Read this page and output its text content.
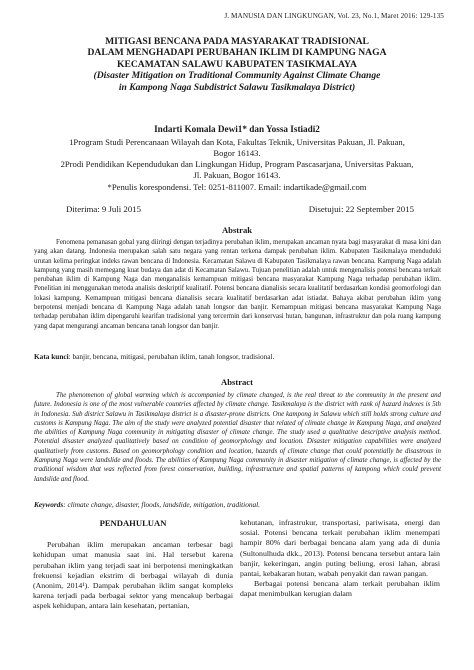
J. MANUSIA DAN LINGKUNGAN, Vol. 23, No.1, Maret 2016: 129-135

MITIGASI BENCANA PADA MASYARAKAT TRADISIONAL

DALAM MENGHADAPI PERUBAHAN IKLIM DI KAMPUNG NAGA

KECAMATAN SALAWU KABUPATEN TASIKMALAYA

(Disaster Mitigation on Traditional Community Against Climate Change

in Kampong Naga Subdistrict Salawu Tasikmalaya District)

Indarti Komala Dewi1* dan Yossa Istiadi2
1Program Studi Perencanaan Wilayah dan Kota, Fakultas Teknik, Universitas Pakuan, Jl. Pakuan, Bogor 16143.
2Prodi Pendidikan Kependudukan dan Lingkungan Hidup, Program Pascasarjana, Universitas Pakuan, Jl. Pakuan, Bogor 16143.
*Penulis korespondensi. Tel: 0251-811007. Email: indartikade@gmail.com
Diterima: 9 Juli 2015	Disetujui: 22 September 2015
Abstrak

Fenomena pemanasan gobal yang diiringi dengan terjadinya perubahan iklim, merupakan ancaman nyata bagi masyarakat di masa kini dan yang akan datang. Indonesia merupakan salah satu negara yang rentan terkena dampak perubahan iklim. Kabupaten Tasikmalaya menduduki urutan kelima peringkat indeks rawan bencana di Indonesia. Kecamatan Salawu di Kabupaten Tasikmalaya rawan bencana. Kampung Naga adalah kampung yang masih memegang kuat budaya dan adat di Kecamatan Salawu. Tujuan penelitian adalah untuk mengenalisis potensi bencana terkait perubahan iklim di Kampung Naga dan menganalisis kemampuan mitigasi bencana masyarakat Kampung Naga terhadap perubahan iklim. Penelitian ini menggunakan metoda analisis deskriptif kualitatif. Potensi bencana dianalisis secara kualitatif berdasarkan kondisi geomorfologi dan lokasi kampung. Kemampuan mitigasi bencana dianalisis secara kualitatif berdasarkan adat istiadat. Bahaya akibat perubahan iklim yang berpotensi menjadi bencana di Kampung Naga adalah tanah longsor dan banjir. Kemampuan mitigasi bencana masyarakat Kampung Naga terhadap perubahan iklim dipengaruhi kearifan tradisional yang tercermin dari konservasi hutan, bangunan, infrastruktur dan pola ruang kampung yang dapat mengurangi ancaman bencana tanah longsor dan banjir.

Kata kunci: banjir, bencana, mitigasi, perubahan iklim, tanah longsor, tradisional.
Abstract

The phenomenon of global warming which is accompanied by climate changed, is the real threat to the community in the present and future. Indonesia is one of the most vulnerable countries affected by climate change. Tasikmalaya is the district with rank of hazard indexes is 5th in Indonesia. Sub district Salawu in Tasikmalaya district is a disaster-prone districts. One kampong in Salawu which still holds strong culture and customs is Kampung Naga. The aim of the study were analyzed potential disaster that related of climate change in Kampung Naga, and analyzed the abilities of Kampung Naga community in mitigating disaster of climate change. The study used a qualitative descriptive analysis method. Potential disaster analyzed qualitatively based on condition of geomorphology and location. Disaster mitigation capabilities were analyzed qualitatively from customs. Based on geomorphology condition and location, hazards of climate change that could potentially be disastrous in Kampung Naga were landslide and floods. The abilities of Kampung Naga community in disaster mitigation of climate change, is affected by the traditional wisdom that was reflected from forest conservation, building, infrastructure and spatial patterns of kampong which could prevent landslide and flood.

Keywords: climate change, disaster, floods, landslide, mitigation, traditional.

PENDAHULUAN

Perubahan iklim merupakan ancaman terbesar bagi kehidupan umat manusia saat ini. Hal tersebut karena perubahan iklim yang terjadi saat ini berpotensi meningkatkan frekuensi kejadian ekstrim di berbagai wilayah di dunia (Anonim, 2014¹). Dampak perubahan iklim sangat kompleks karena terjadi pada berbagai sektor yang mencakup berbagai aspek kehidupan, antara lain kesehatan, pertanian,

kehutanan, infrastrukur, transportasi, pariwisata, energi dan sosial. Potensi bencana terkait perubahan iklim menempati hampir 80% dari berbagai bencana alam yang ada di dunia (Sultonulhuda dkk., 2013). Potensi bencana tersebut antara lain banjir, kekeringan, angin puting beliung, erosi lahan, abrasi pantai, kebakaran hutan, wabah penyakit dan rawan pangan.

Berbagai potensi bencana alam terkait perubahan iklim dapat menimbulkan kerugian dalam
